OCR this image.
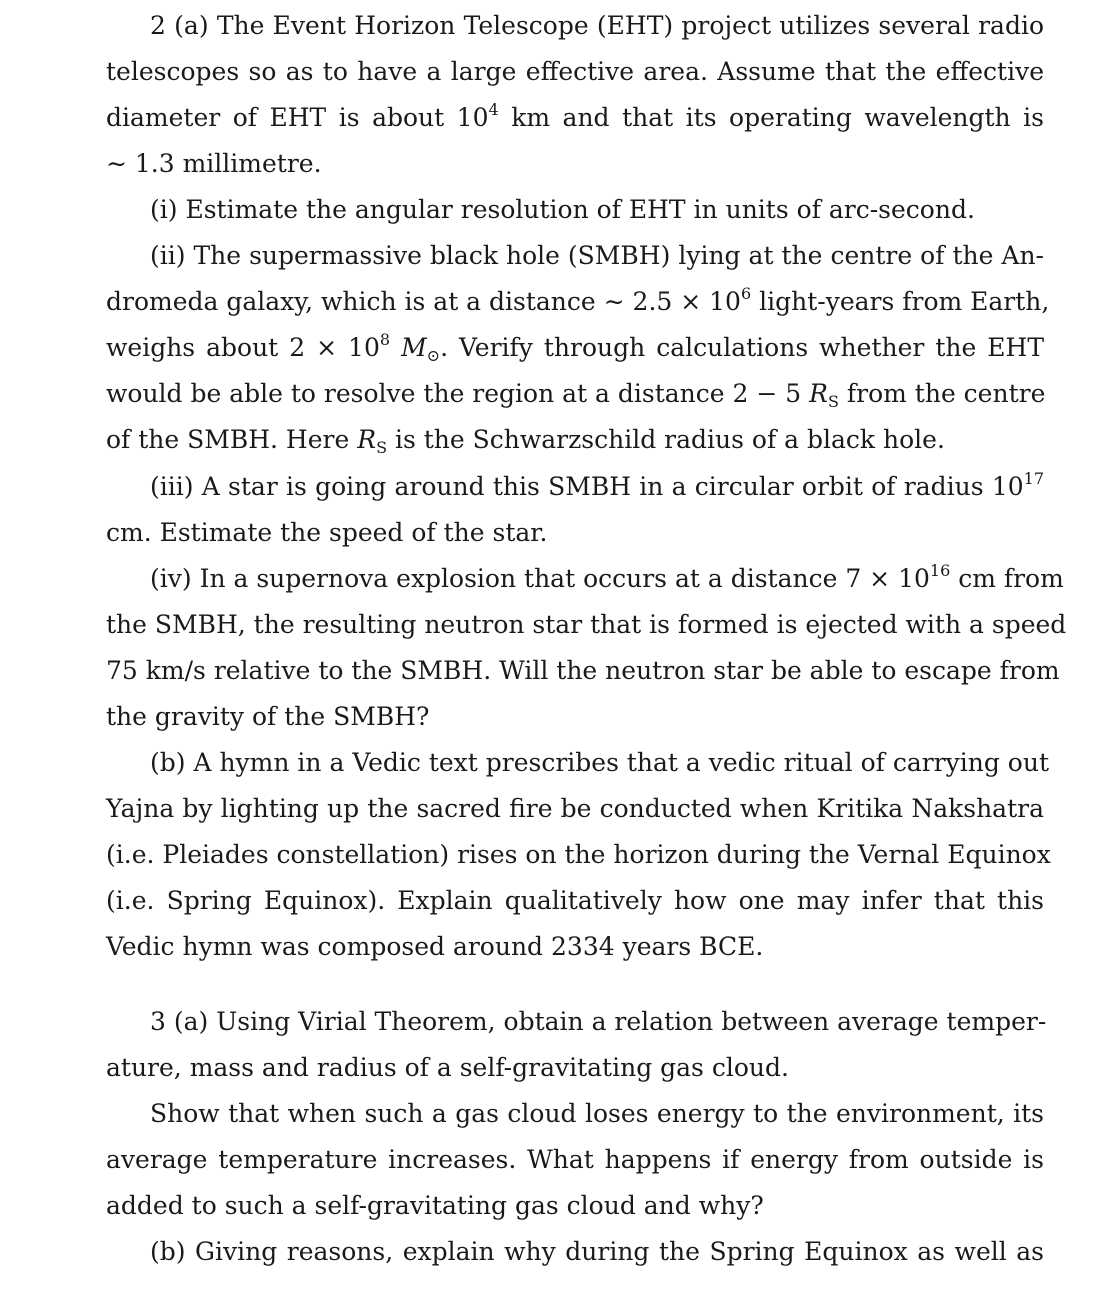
2 (a) The Event Horizon Telescope (EHT) project utilizes several radio
telescopes so as to have a large effective area. Assume that the effective
diameter of EHT is about $10^4$ km and that its operating wavelength is
∼ 1.3 millimetre.
(i) Estimate the angular resolution of EHT in units of arc-second.
(ii) The supermassive black hole (SMBH) lying at the centre of the An-
dromeda galaxy, which is at a distance ∼ $2.5 \times 10^6$ light-years from Earth,
weighs about $2 \times 10^8$ $M_⊙$. Verify through calculations whether the EHT
would be able to resolve the region at a distance 2 − 5 $R_S$ from the centre
of the SMBH. Here $R_S$ is the Schwarzschild radius of a black hole.
(iii) A star is going around this SMBH in a circular orbit of radius $10^{17}$
cm. Estimate the speed of the star.
(iv) In a supernova explosion that occurs at a distance $7 \times 10^{16}$ cm from
the SMBH, the resulting neutron star that is formed is ejected with a speed
75 km/s relative to the SMBH. Will the neutron star be able to escape from
the gravity of the SMBH?
(b) A hymn in a Vedic text prescribes that a vedic ritual of carrying out
Yajna by lighting up the sacred fire be conducted when Kritika Nakshatra
(i.e. Pleiades constellation) rises on the horizon during the Vernal Equinox
(i.e. Spring Equinox). Explain qualitatively how one may infer that this
Vedic hymn was composed around 2334 years BCE.
3 (a) Using Virial Theorem, obtain a relation between average temper-
ature, mass and radius of a self-gravitating gas cloud.
Show that when such a gas cloud loses energy to the environment, its
average temperature increases. What happens if energy from outside is
added to such a self-gravitating gas cloud and why?
(b) Giving reasons, explain why during the Spring Equinox as well as
